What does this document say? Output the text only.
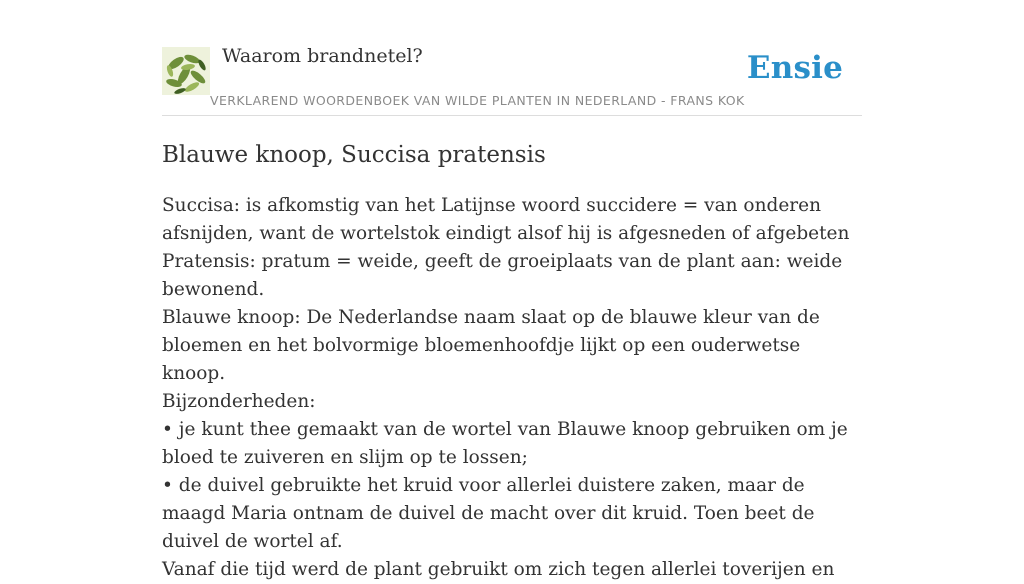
Waarom brandnetel?
VERKLAREND WOORDENBOEK VAN WILDE PLANTEN IN NEDERLAND - FRANS KOK
Ensie
Blauwe knoop, Succisa pratensis

Succisa: is afkomstig van het Latijnse woord succidere = van onderen afsnijden, want de wortelstok eindigt alsof hij is afgesneden of afgebeten

Pratensis: pratum = weide, geeft de groeiplaats van de plant aan: weide bewonend.

Blauwe knoop: De Nederlandse naam slaat op de blauwe kleur van de bloemen en het bolvormige bloemenhoofdje lijkt op een ouderwetse knoop.

Bijzonderheden:

• je kunt thee gemaakt van de wortel van Blauwe knoop gebruiken om je bloed te zuiveren en slijm op te lossen;

• de duivel gebruikte het kruid voor allerlei duistere zaken, maar de maagd Maria ontnam de duivel de macht over dit kruid. Toen beet de duivel de wortel af.

Vanaf die tijd werd de plant gebruikt om zich tegen allerlei toverijen en
